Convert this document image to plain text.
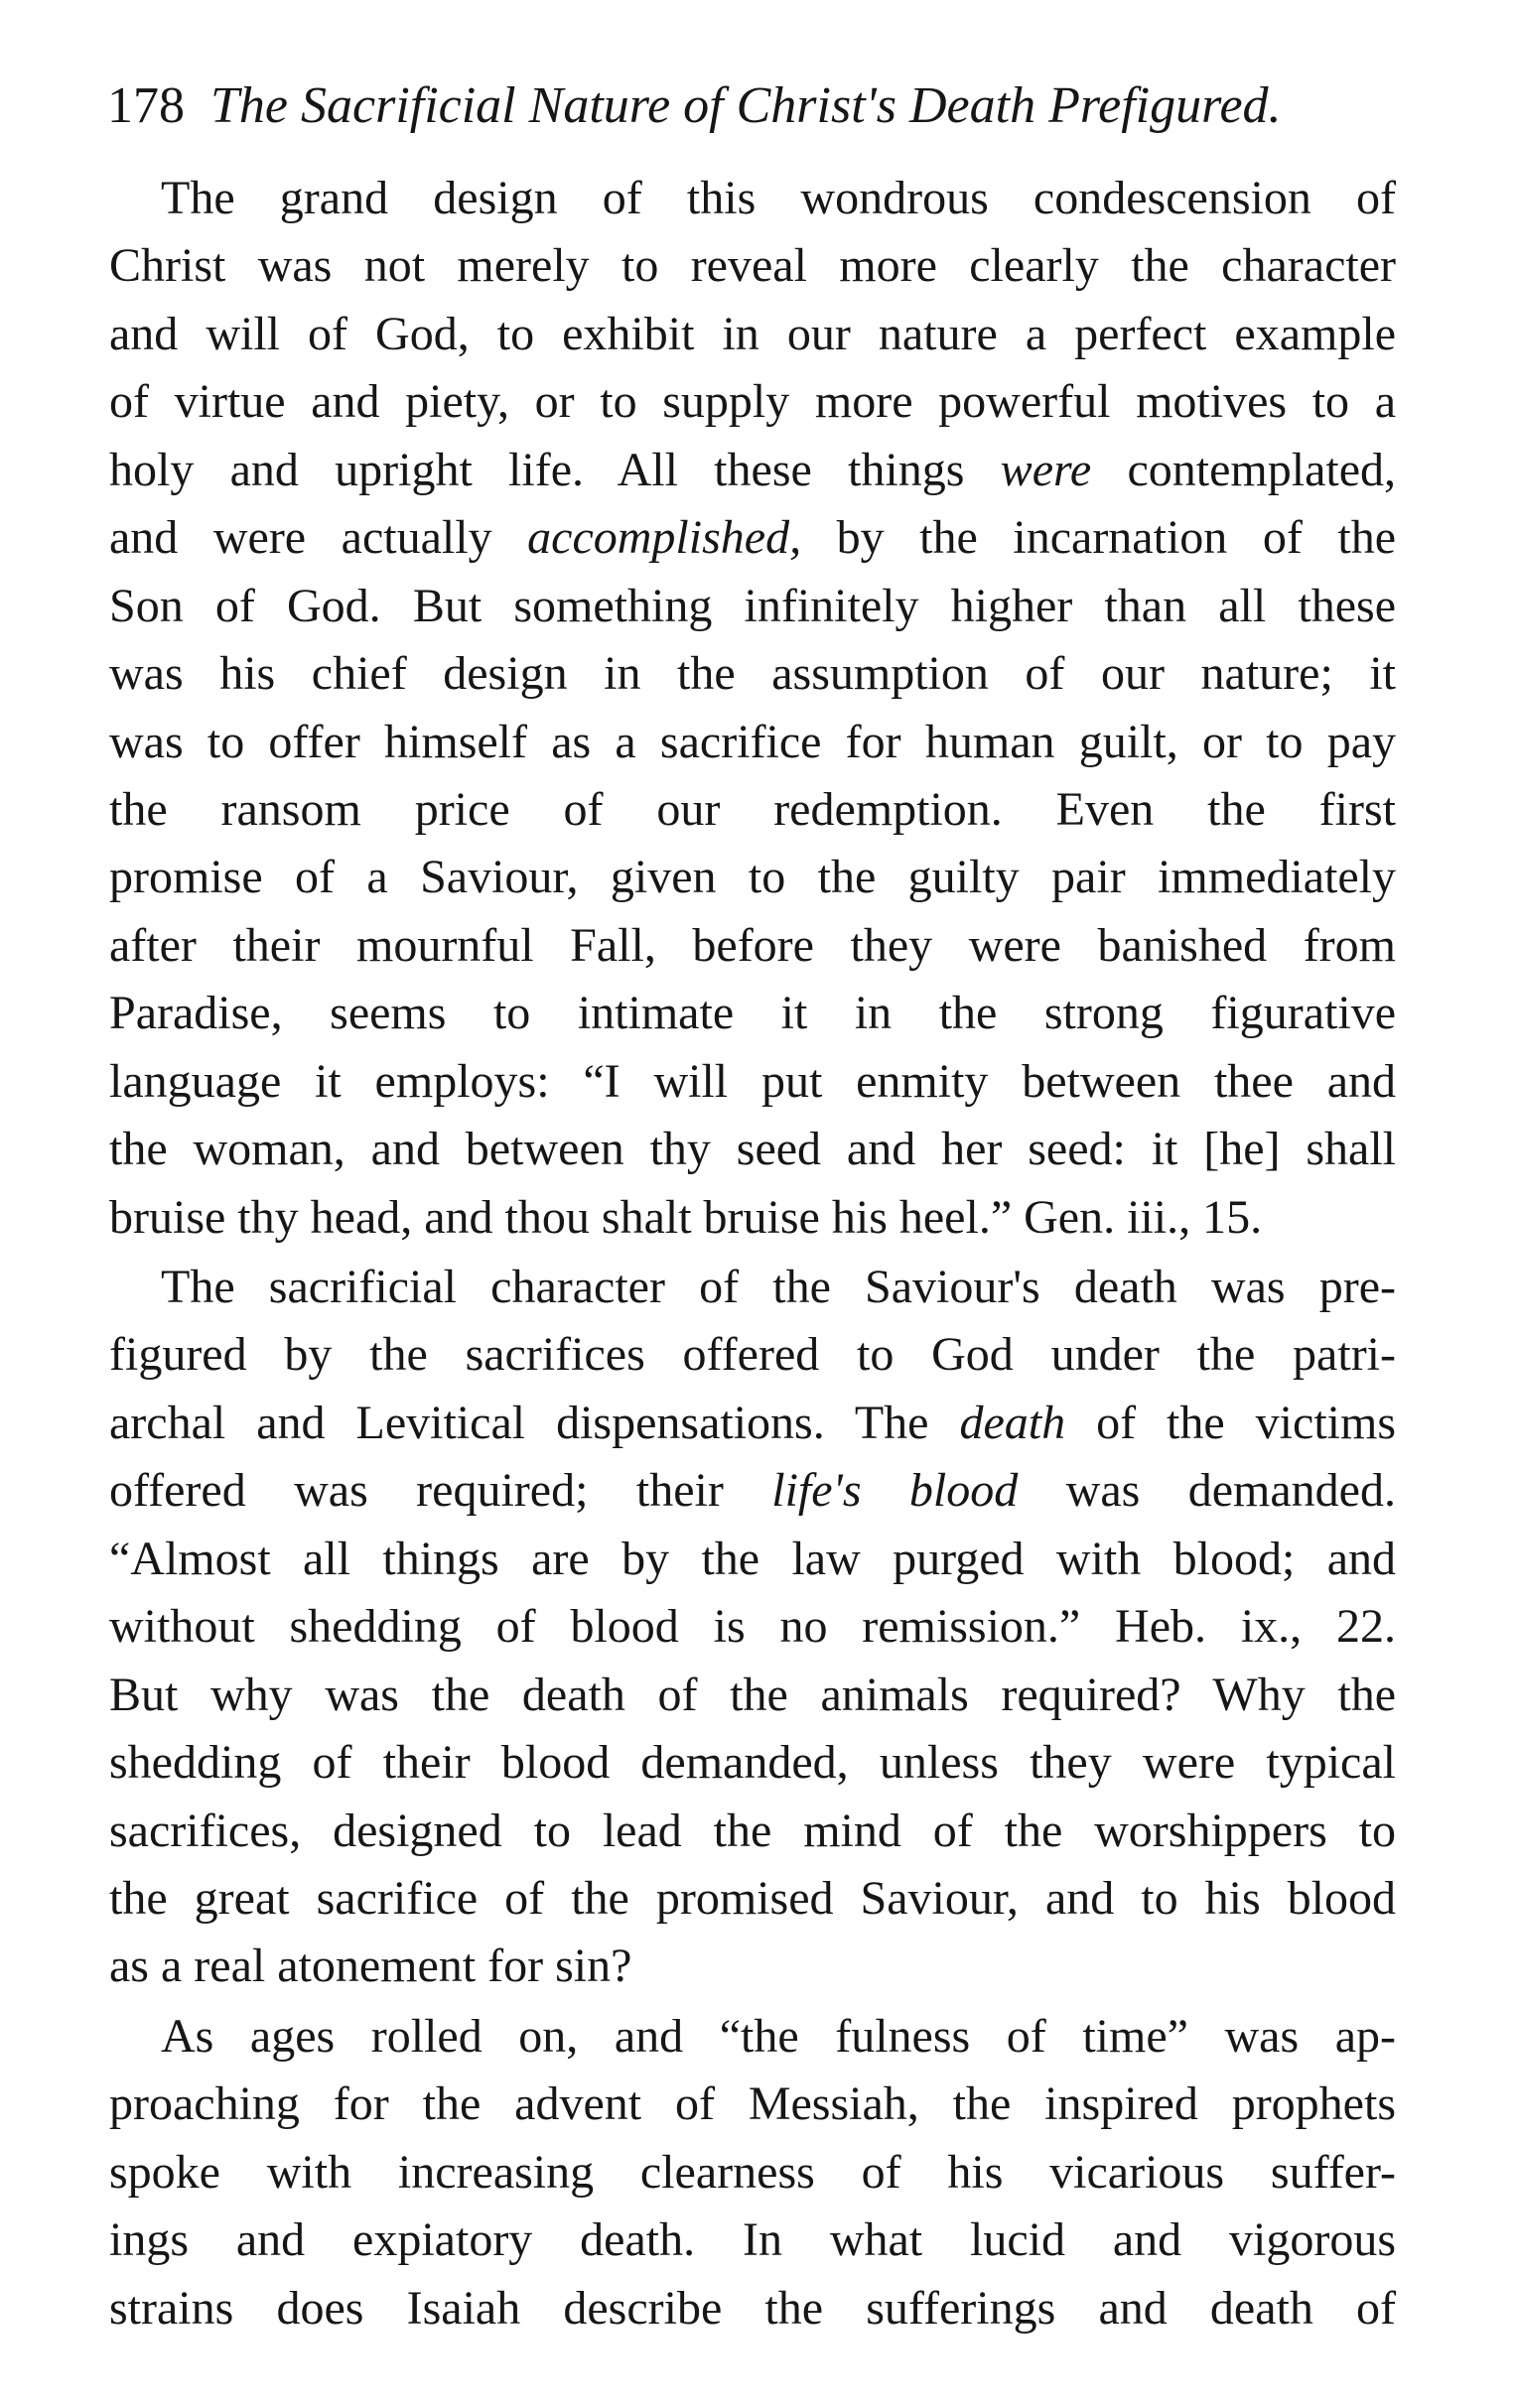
178 The Sacrificial Nature of Christ's Death Prefigured.
The grand design of this wondrous condescension of
Christ was not merely to reveal more clearly the character
and will of God, to exhibit in our nature a perfect example
of virtue and piety, or to supply more powerful motives to a
holy and upright life. All these things were contemplated,
and were actually accomplished, by the incarnation of the
Son of God. But something infinitely higher than all these
was his chief design in the assumption of our nature; it
was to offer himself as a sacrifice for human guilt, or to pay
the ransom price of our redemption. Even the first
promise of a Saviour, given to the guilty pair immediately
after their mournful Fall, before they were banished from
Paradise, seems to intimate it in the strong figurative
language it employs: “I will put enmity between thee and
the woman, and between thy seed and her seed: it [he] shall
bruise thy head, and thou shalt bruise his heel.” Gen. iii., 15.
The sacrificial character of the Saviour's death was pre-
figured by the sacrifices offered to God under the patri-
archal and Levitical dispensations. The death of the victims
offered was required; their life's blood was demanded.
“Almost all things are by the law purged with blood; and
without shedding of blood is no remission.” Heb. ix., 22.
But why was the death of the animals required? Why the
shedding of their blood demanded, unless they were typical
sacrifices, designed to lead the mind of the worshippers to
the great sacrifice of the promised Saviour, and to his blood
as a real atonement for sin?
As ages rolled on, and “the fulness of time” was ap-
proaching for the advent of Messiah, the inspired prophets
spoke with increasing clearness of his vicarious suffer-
ings and expiatory death. In what lucid and vigorous
strains does Isaiah describe the sufferings and death of
